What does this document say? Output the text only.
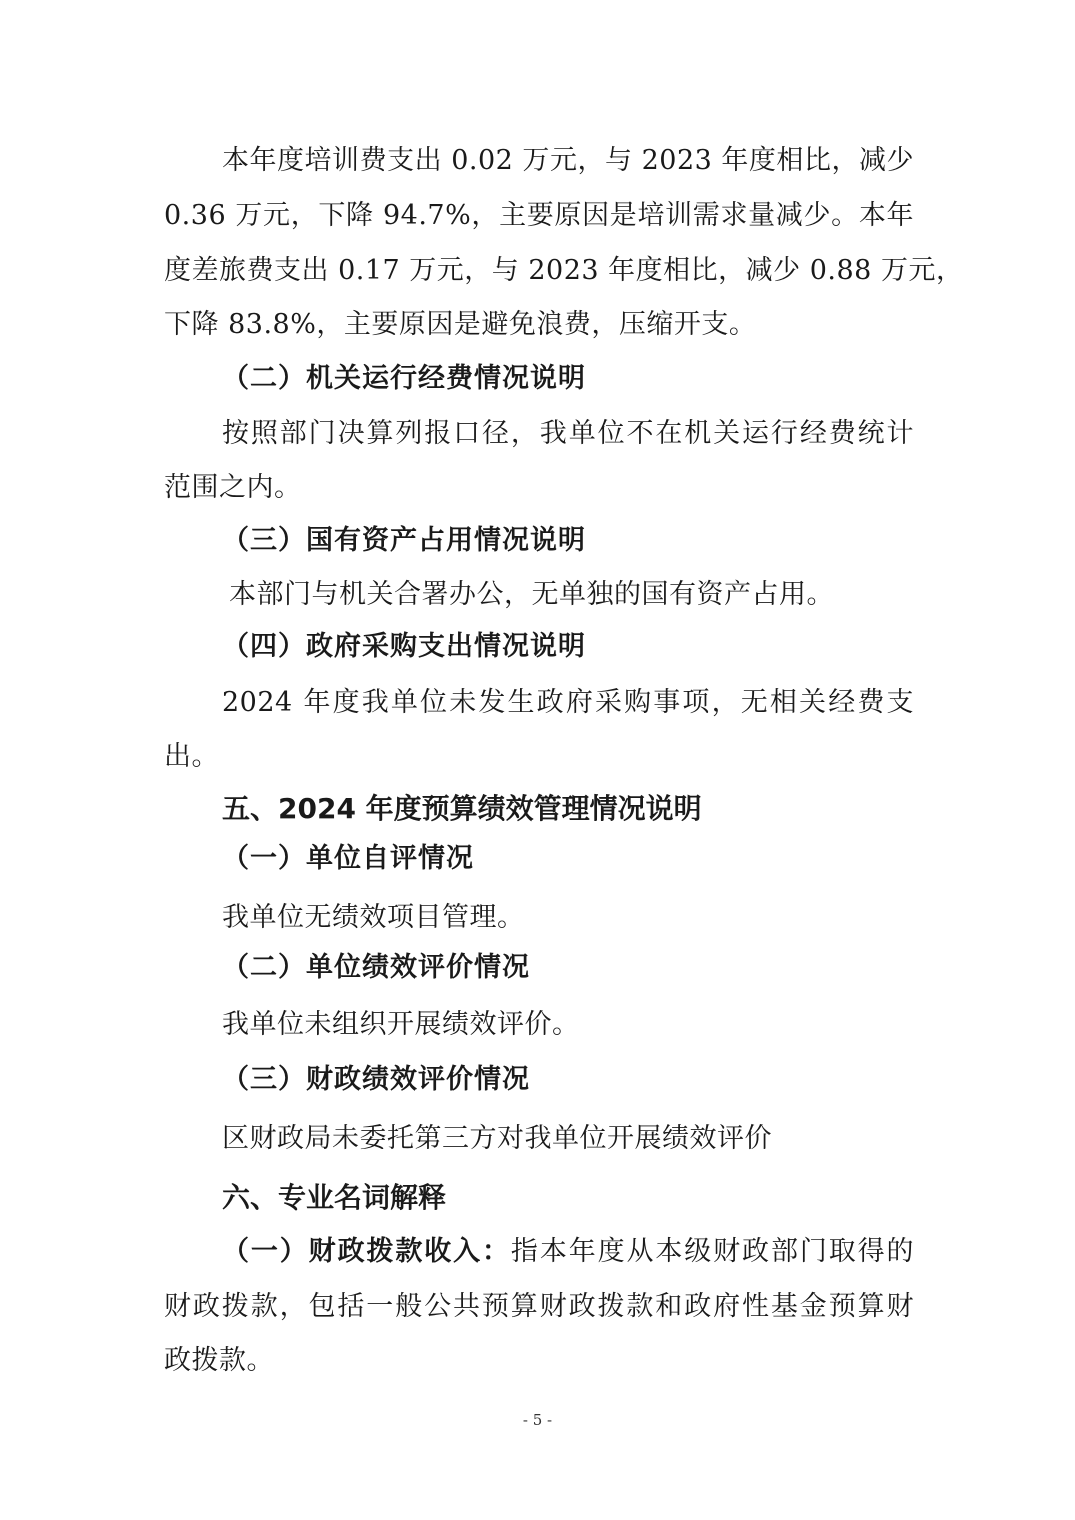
本年度培训费支出 0.02 万元，与 2023 年度相比，减少
0.36 万元，下降 94.7%，主要原因是培训需求量减少。本年
度差旅费支出 0.17 万元，与 2023 年度相比，减少 0.88 万元，
下降 83.8%，主要原因是避免浪费，压缩开支。
（二）机关运行经费情况说明
按照部门决算列报口径，我单位不在机关运行经费统计
范围之内。
（三）国有资产占用情况说明
本部门与机关合署办公，无单独的国有资产占用。
（四）政府采购支出情况说明
2024 年度我单位未发生政府采购事项，无相关经费支
出。
五、2024 年度预算绩效管理情况说明
（一）单位自评情况
我单位无绩效项目管理。
（二）单位绩效评价情况
我单位未组织开展绩效评价。
（三）财政绩效评价情况
区财政局未委托第三方对我单位开展绩效评价
六、专业名词解释
（一）财政拨款收入：指本年度从本级财政部门取得的
财政拨款，包括一般公共预算财政拨款和政府性基金预算财
政拨款。
- 5 -
